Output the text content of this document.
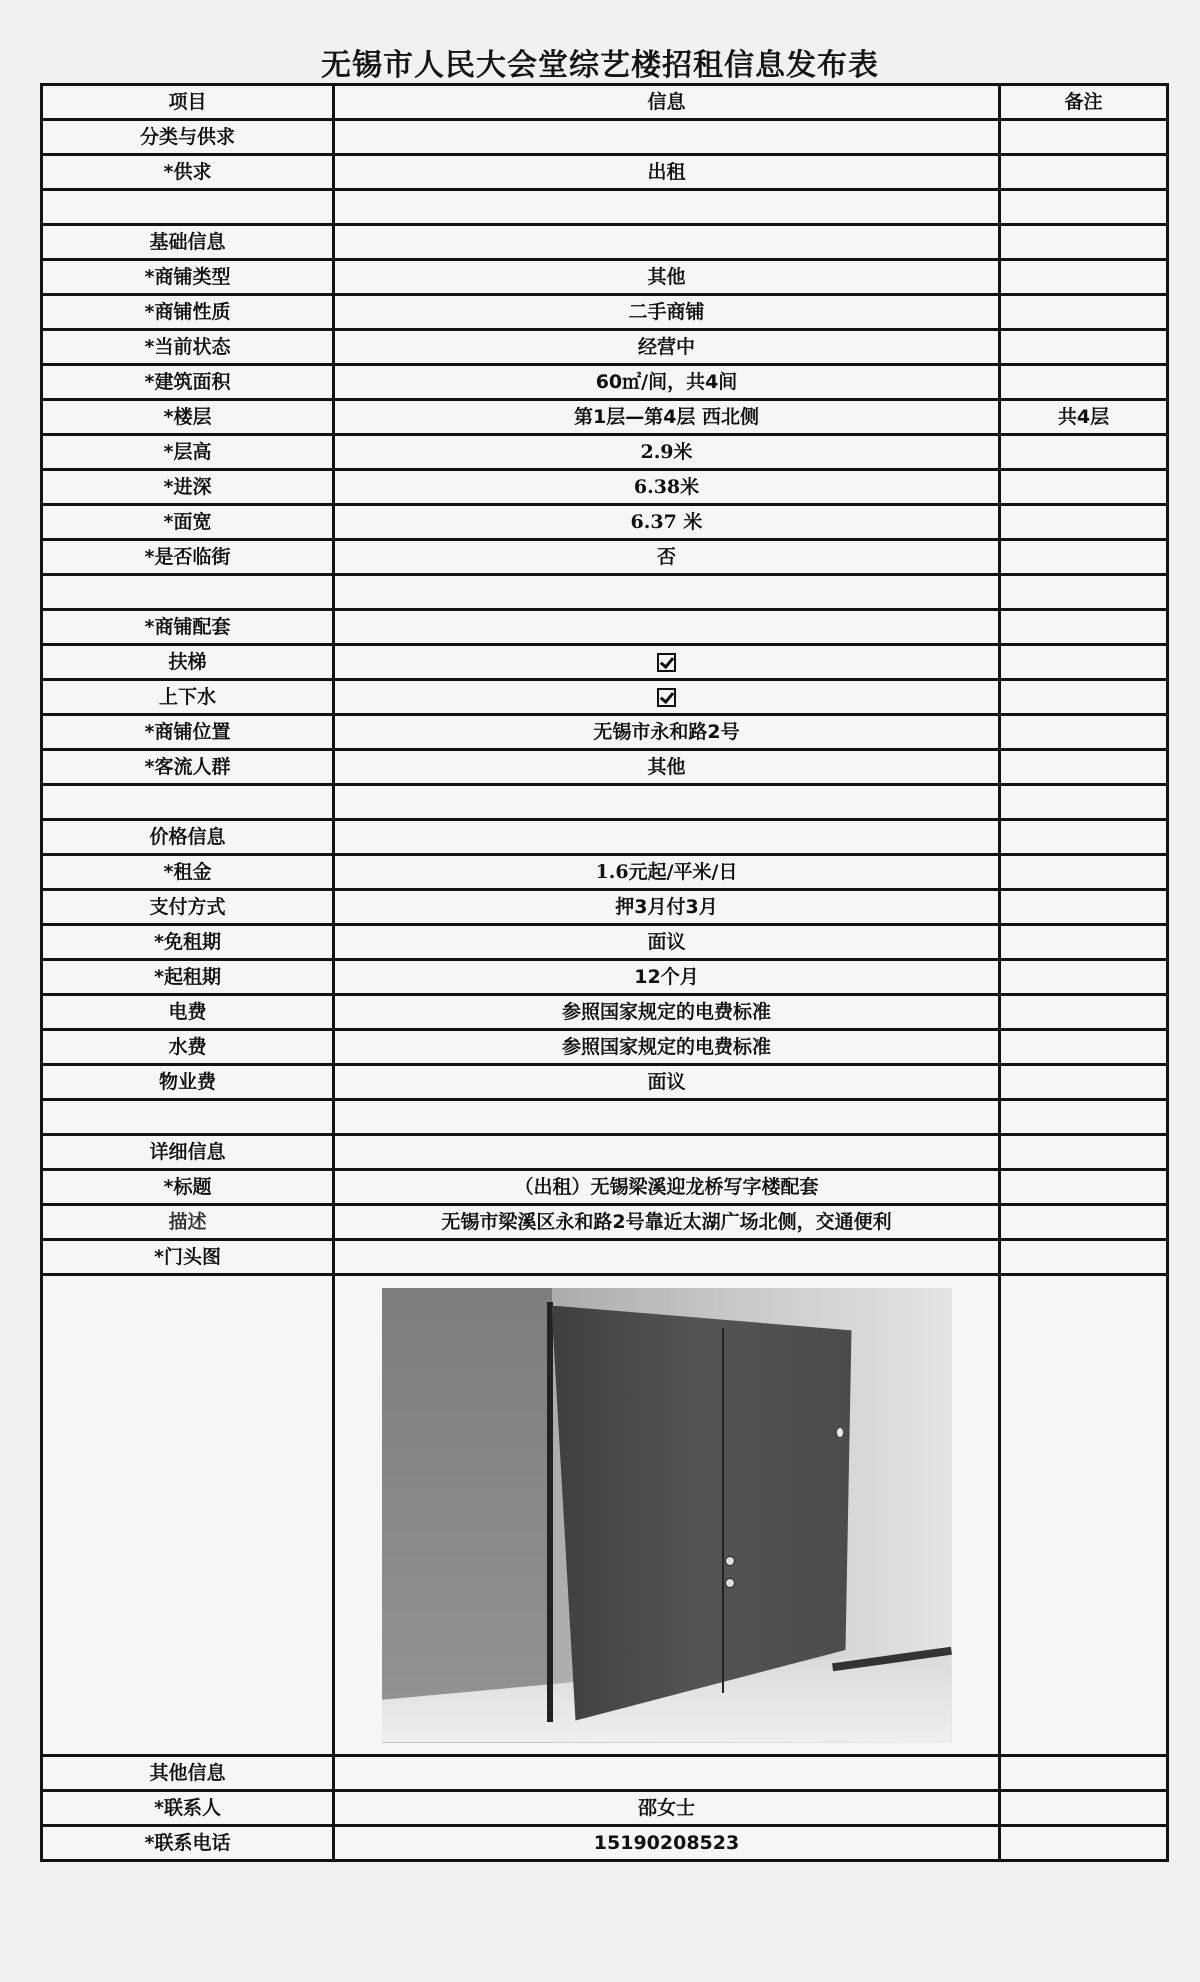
无锡市人民大会堂综艺楼招租信息发布表
项目	信息	备注
分类与供求		
*供求	出租	

基础信息		
*商铺类型	其他	
*商铺性质	二手商铺	
*当前状态	经营中	
*建筑面积	60㎡/间，共4间	
*楼层	第1层—第4层 西北侧	共4层
*层高	2.9米	
*进深	6.38米	
*面宽	6.37 米	
*是否临街	否	

*商铺配套		
扶梯		
上下水		
*商铺位置	无锡市永和路2号	
*客流人群	其他	

价格信息		
*租金	1.6元起/平米/日	
支付方式	押3月付3月	
*免租期	面议	
*起租期	12个月	
电费	参照国家规定的电费标准	
水费	参照国家规定的电费标准	
物业费	面议	

详细信息		
*标题	（出租）无锡梁溪迎龙桥写字楼配套	
描述	无锡市梁溪区永和路2号靠近太湖广场北侧，交通便利	
*门头图		

其他信息		
*联系人	邵女士	
*联系电话	15190208523	
